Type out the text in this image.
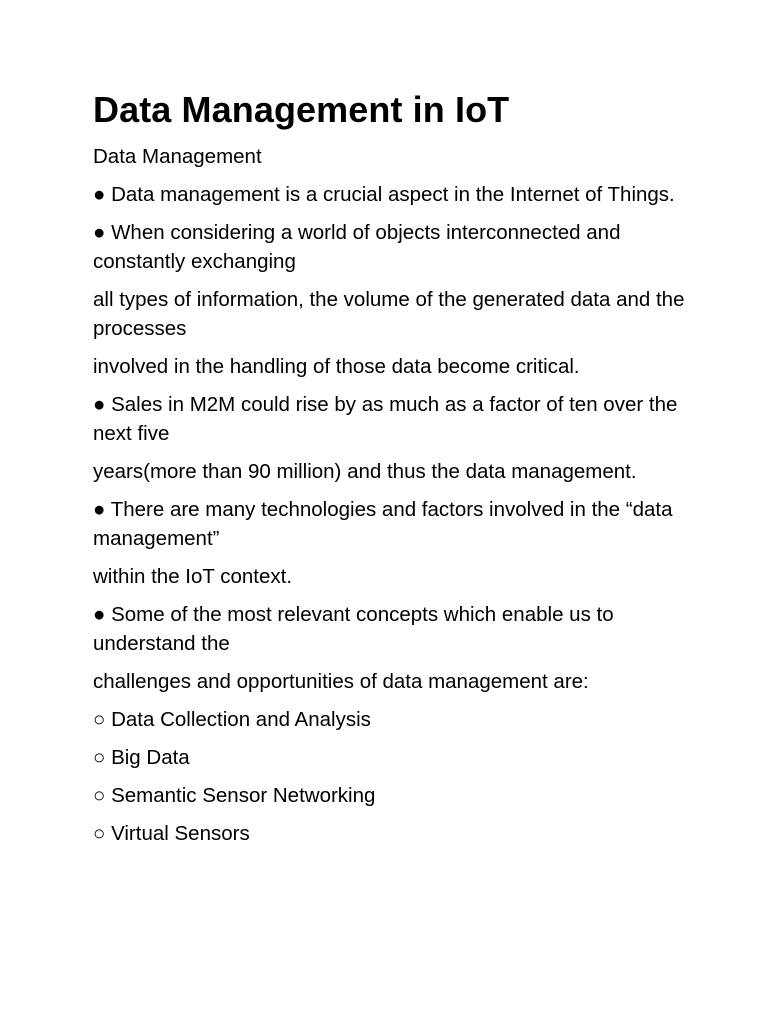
Data Management in IoT

Data Management

● Data management is a crucial aspect in the Internet of Things.

● When considering a world of objects interconnected and constantly exchanging

all types of information, the volume of the generated data and the processes

involved in the handling of those data become critical.

● Sales in M2M could rise by as much as a factor of ten over the next five

years(more than 90 million) and thus the data management.

● There are many technologies and factors involved in the “data management”

within the IoT context.

● Some of the most relevant concepts which enable us to understand the

challenges and opportunities of data management are:

○ Data Collection and Analysis

○ Big Data

○ Semantic Sensor Networking

○ Virtual Sensors
